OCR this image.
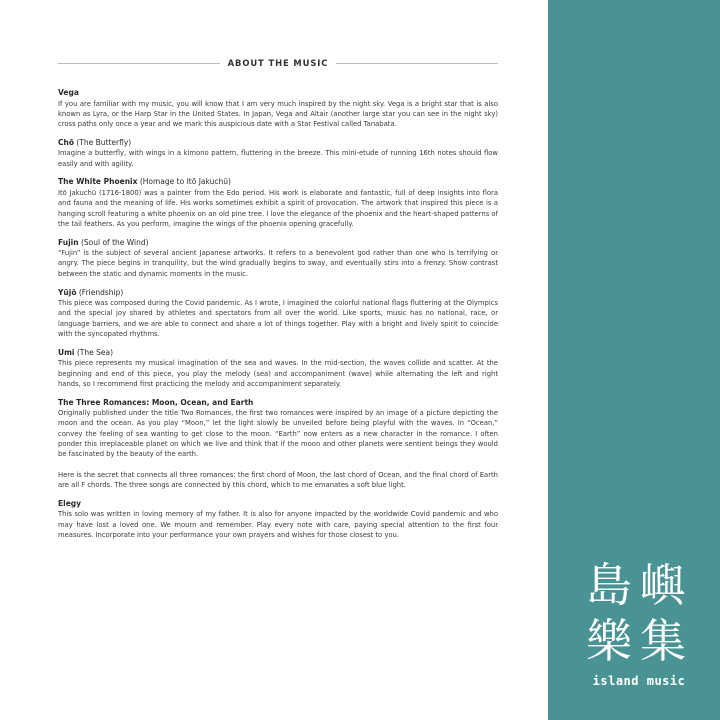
ABOUT THE MUSIC
Vega

If you are familiar with my music, you will know that I am very much inspired by the night sky. Vega is a bright star that is also known as Lyra, or the Harp Star in the United States. In Japan, Vega and Altair (another large star you can see in the night sky) cross paths only once a year and we mark this auspicious date with a Star Festival called Tanabata.

Chō (The Butterfly)

Imagine a butterfly, with wings in a kimono pattern, fluttering in the breeze. This mini-etude of running 16th notes should flow easily and with agility.

The White Phoenix (Homage to Itō Jakuchū)

Itō Jakuchū (1716-1800) was a painter from the Edo period. His work is elaborate and fantastic, full of deep insights into flora and fauna and the meaning of life. His works sometimes exhibit a spirit of provocation. The artwork that inspired this piece is a hanging scroll featuring a white phoenix on an old pine tree. I love the elegance of the phoenix and the heart-shaped patterns of the tail feathers. As you perform, imagine the wings of the phoenix opening gracefully.

Fujin (Soul of the Wind)

“Fujin” is the subject of several ancient Japanese artworks. It refers to a benevolent god rather than one who is terrifying or angry. The piece begins in tranquility, but the wind gradually begins to sway, and eventually stirs into a frenzy. Show contrast between the static and dynamic moments in the music.

Yūjō (Friendship)

This piece was composed during the Covid pandemic. As I wrote, I imagined the colorful national flags fluttering at the Olympics and the special joy shared by athletes and spectators from all over the world. Like sports, music has no national, race, or language barriers, and we are able to connect and share a lot of things together. Play with a bright and lively spirit to coincide with the syncopated rhythms.

Umi (The Sea)

This piece represents my musical imagination of the sea and waves. In the mid-section, the waves collide and scatter. At the beginning and end of this piece, you play the melody (sea) and accompaniment (wave) while alternating the left and right hands, so I recommend first practicing the melody and accompaniment separately.

The Three Romances: Moon, Ocean, and Earth

Originally published under the title Two Romances, the first two romances were inspired by an image of a picture depicting the moon and the ocean. As you play “Moon,” let the light slowly be unveiled before being playful with the waves. In “Ocean,” convey the feeling of sea wanting to get close to the moon. “Earth” now enters as a new character in the romance. I often ponder this irreplaceable planet on which we live and think that if the moon and other planets were sentient beings they would be fascinated by the beauty of the earth.

Here is the secret that connects all three romances: the first chord of Moon, the last chord of Ocean, and the final chord of Earth are all F chords. The three songs are connected by this chord, which to me emanates a soft blue light.

Elegy

This solo was written in loving memory of my father. It is also for anyone impacted by the worldwide Covid pandemic and who may have lost a loved one. We mourn and remember. Play every note with care, paying special attention to the first four measures. Incorporate into your performance your own prayers and wishes for those closest to you.

島 嶼
樂 集
island music
